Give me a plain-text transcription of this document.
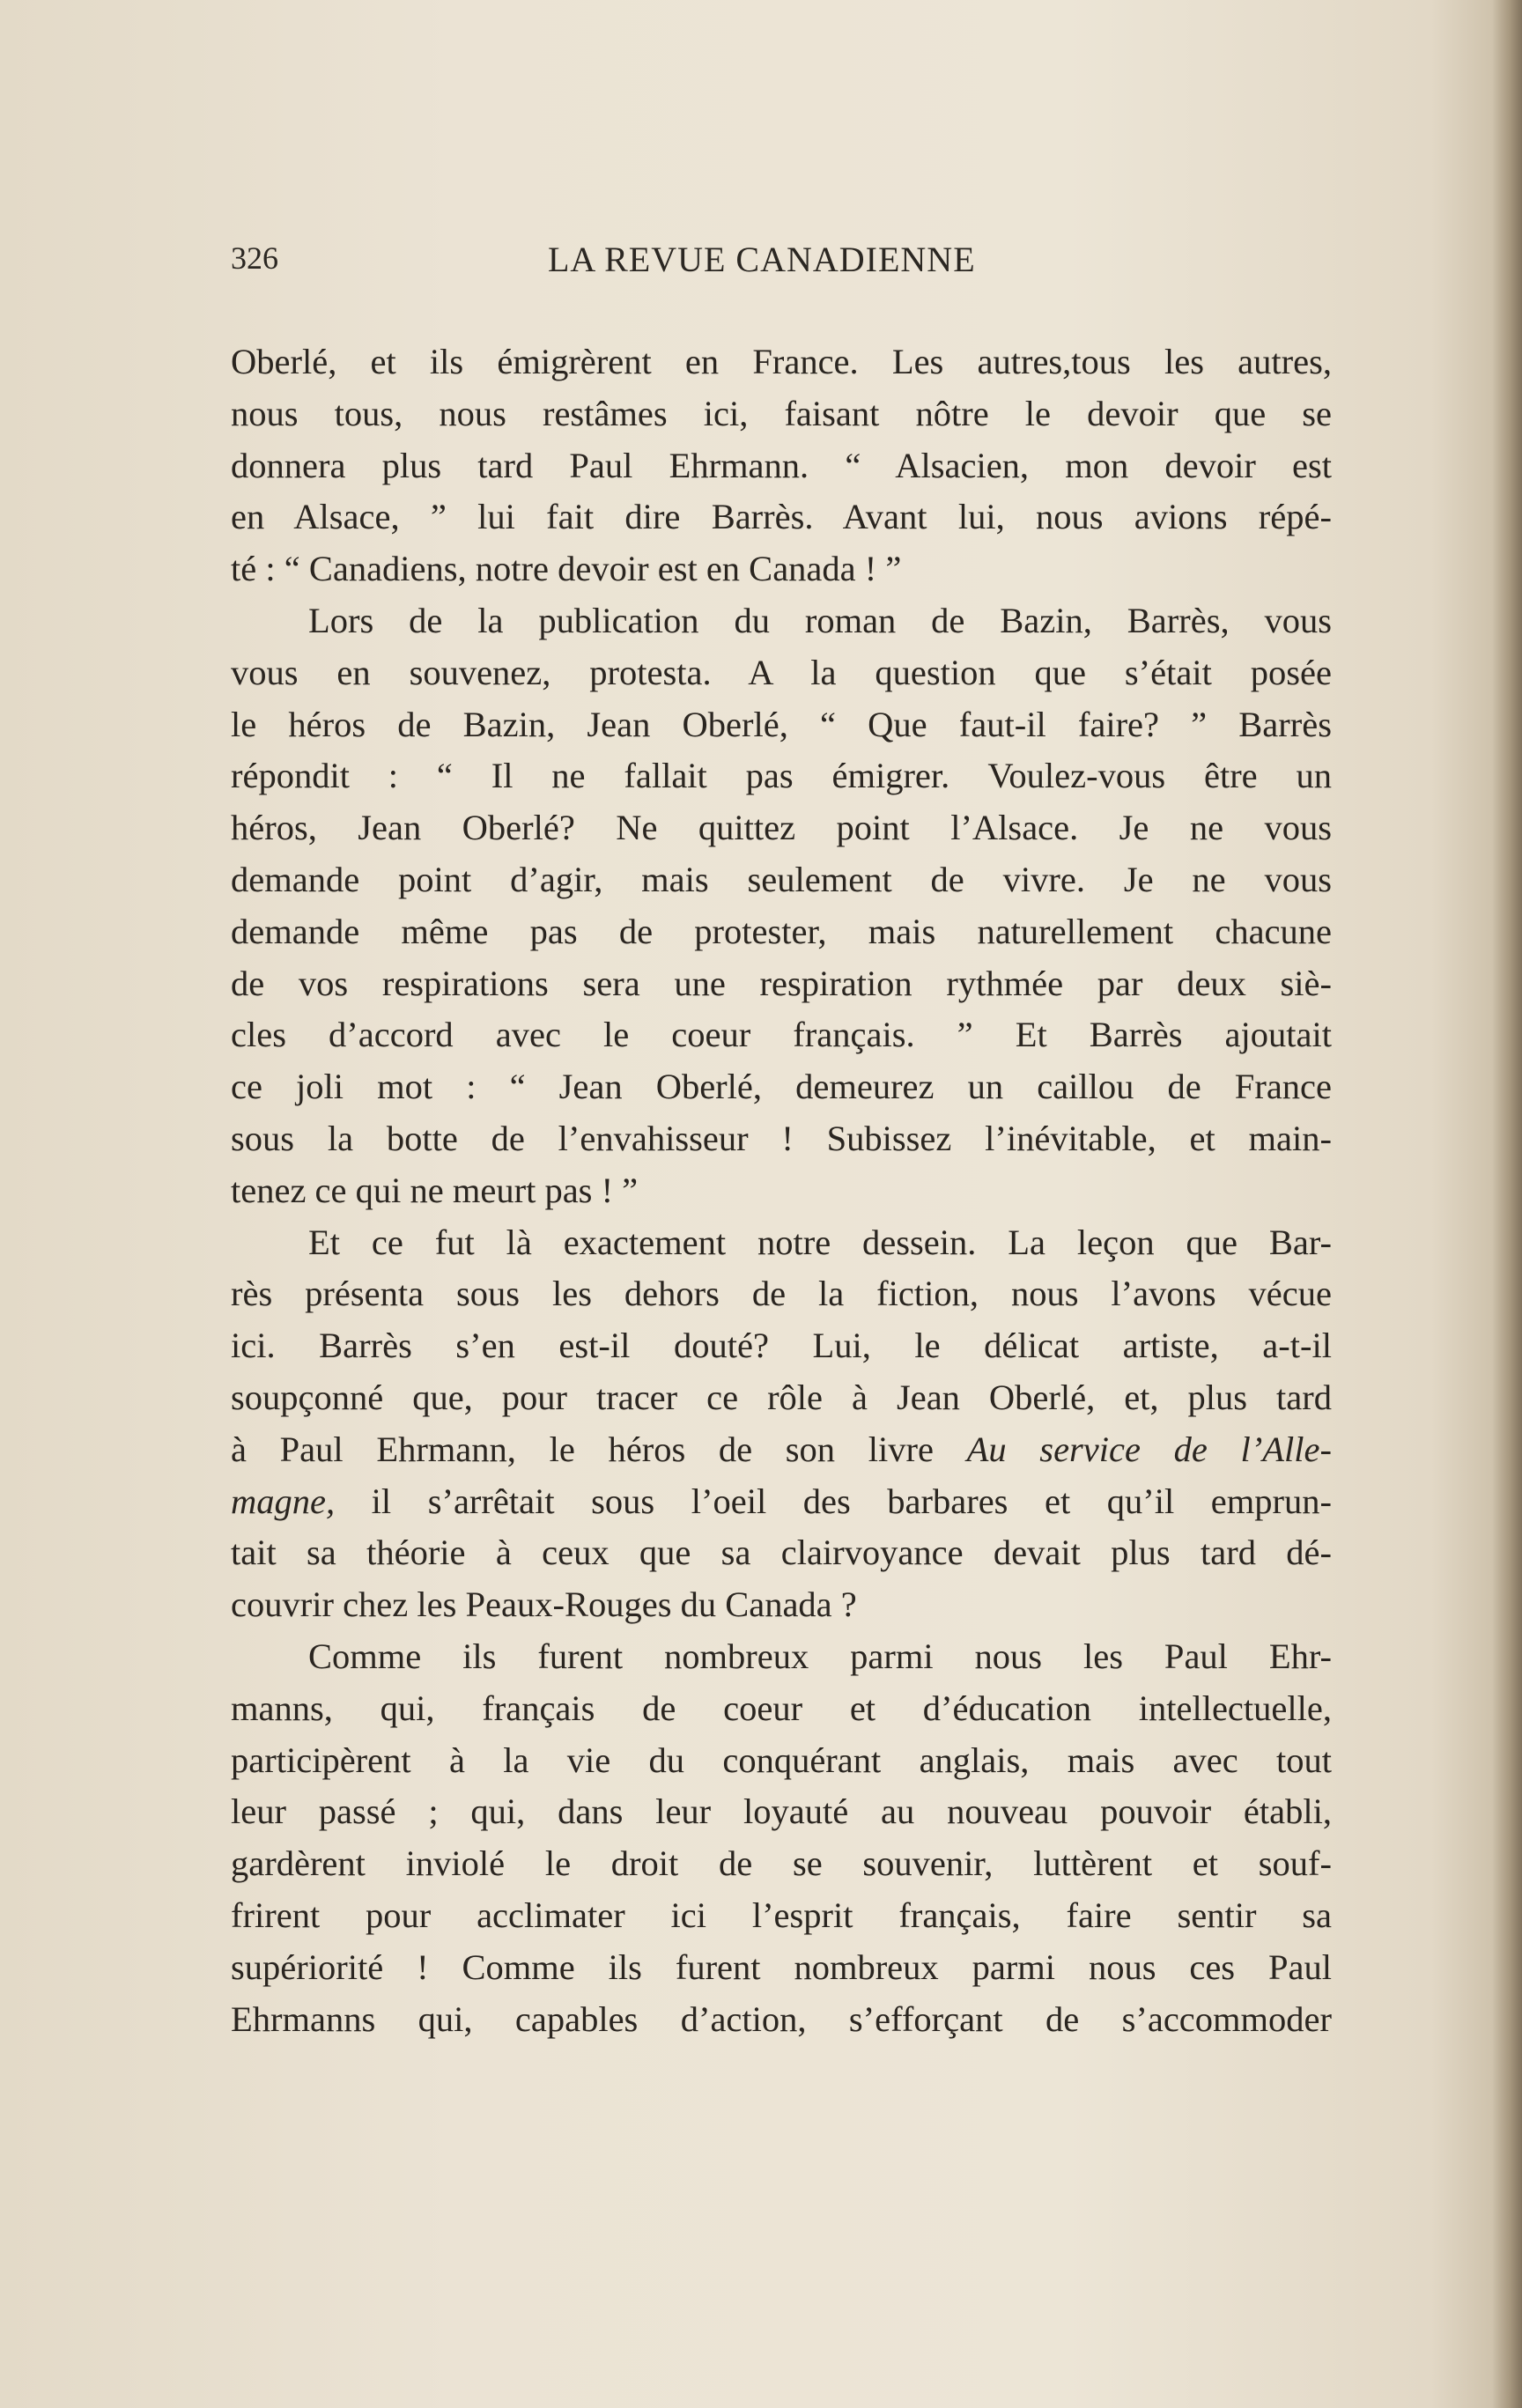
326	LA REVUE CANADIENNE
Oberlé, et ils émigrèrent en France. Les autres,tous les autres,
nous tous, nous restâmes ici, faisant nôtre le devoir que se
donnera plus tard Paul Ehrmann. “ Alsacien, mon devoir est
en Alsace, ” lui fait dire Barrès. Avant lui, nous avions répé-
té : “ Canadiens, notre devoir est en Canada ! ”
Lors de la publication du roman de Bazin, Barrès, vous
vous en souvenez, protesta. A la question que s’était posée
le héros de Bazin, Jean Oberlé, “ Que faut-il faire? ” Barrès
répondit : “ Il ne fallait pas émigrer. Voulez-vous être un
héros, Jean Oberlé? Ne quittez point l’Alsace. Je ne vous
demande point d’agir, mais seulement de vivre. Je ne vous
demande même pas de protester, mais naturellement chacune
de vos respirations sera une respiration rythmée par deux siè-
cles d’accord avec le coeur français. ” Et Barrès ajoutait
ce joli mot : “ Jean Oberlé, demeurez un caillou de France
sous la botte de l’envahisseur ! Subissez l’inévitable, et main-
tenez ce qui ne meurt pas ! ”
Et ce fut là exactement notre dessein. La leçon que Bar-
rès présenta sous les dehors de la fiction, nous l’avons vécue
ici. Barrès s’en est-il douté? Lui, le délicat artiste, a-t-il
soupçonné que, pour tracer ce rôle à Jean Oberlé, et, plus tard
à Paul Ehrmann, le héros de son livre Au service de l’Alle-
magne, il s’arrêtait sous l’oeil des barbares et qu’il emprun-
tait sa théorie à ceux que sa clairvoyance devait plus tard dé-
couvrir chez les Peaux-Rouges du Canada ?
Comme ils furent nombreux parmi nous les Paul Ehr-
manns, qui, français de coeur et d’éducation intellectuelle,
participèrent à la vie du conquérant anglais, mais avec tout
leur passé ; qui, dans leur loyauté au nouveau pouvoir établi,
gardèrent inviolé le droit de se souvenir, luttèrent et souf-
frirent pour acclimater ici l’esprit français, faire sentir sa
supériorité ! Comme ils furent nombreux parmi nous ces Paul
Ehrmanns qui, capables d’action, s’efforçant de s’accommoder
